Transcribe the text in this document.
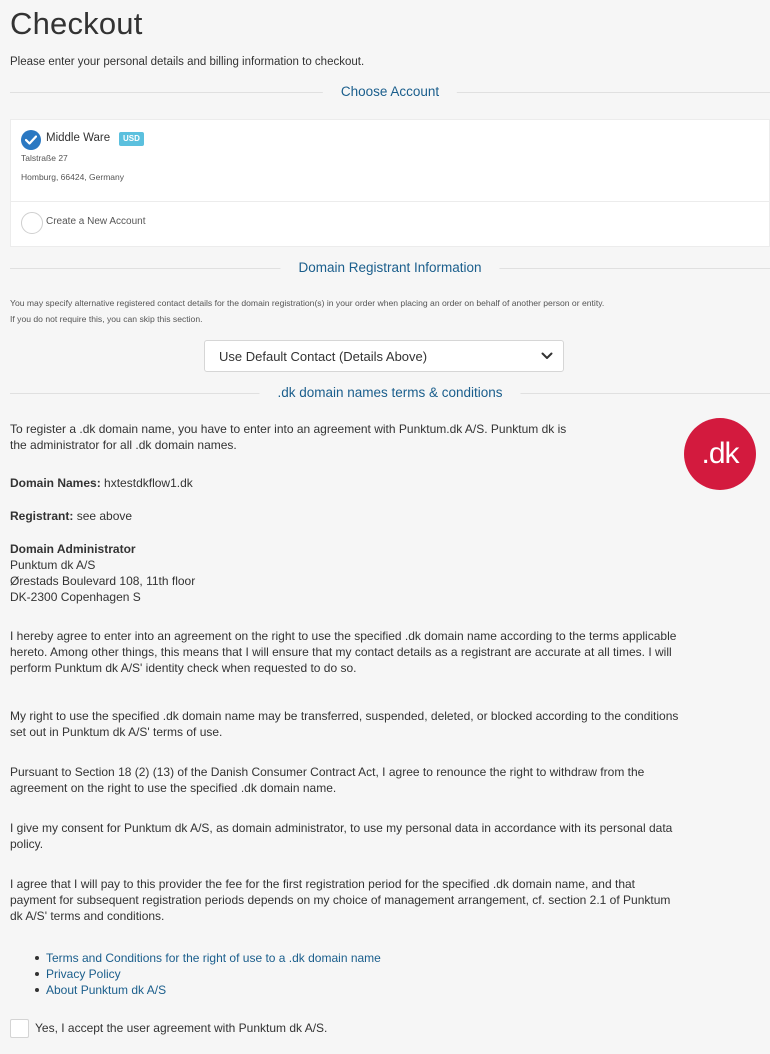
Checkout
Please enter your personal details and billing information to checkout.
Choose Account
Middle Ware	USD
Talstraße 27
Homburg, 66424, Germany
Create a New Account
Domain Registrant Information
You may specify alternative registered contact details for the domain registration(s) in your order when placing an order on behalf of another person or entity.
If you do not require this, you can skip this section.
Use Default Contact (Details Above)
.dk domain names terms & conditions
.dk
To register a .dk domain name, you have to enter into an agreement with Punktum.dk A/S. Punktum dk is
the administrator for all .dk domain names.
Domain Names: hxtestdkflow1.dk
Registrant: see above
Domain Administrator
Punktum dk A/S
Ørestads Boulevard 108, 11th floor
DK-2300 Copenhagen S
I hereby agree to enter into an agreement on the right to use the specified .dk domain name according to the terms applicable
hereto. Among other things, this means that I will ensure that my contact details as a registrant are accurate at all times. I will
perform Punktum dk A/S' identity check when requested to do so.
My right to use the specified .dk domain name may be transferred, suspended, deleted, or blocked according to the conditions
set out in Punktum dk A/S' terms of use.
Pursuant to Section 18 (2) (13) of the Danish Consumer Contract Act, I agree to renounce the right to withdraw from the
agreement on the right to use the specified .dk domain name.
I give my consent for Punktum dk A/S, as domain administrator, to use my personal data in accordance with its personal data
policy.
I agree that I will pay to this provider the fee for the first registration period for the specified .dk domain name, and that
payment for subsequent registration periods depends on my choice of management arrangement, cf. section 2.1 of Punktum
dk A/S' terms and conditions.
Terms and Conditions for the right of use to a .dk domain name
Privacy Policy
About Punktum dk A/S
Yes, I accept the user agreement with Punktum dk A/S.
